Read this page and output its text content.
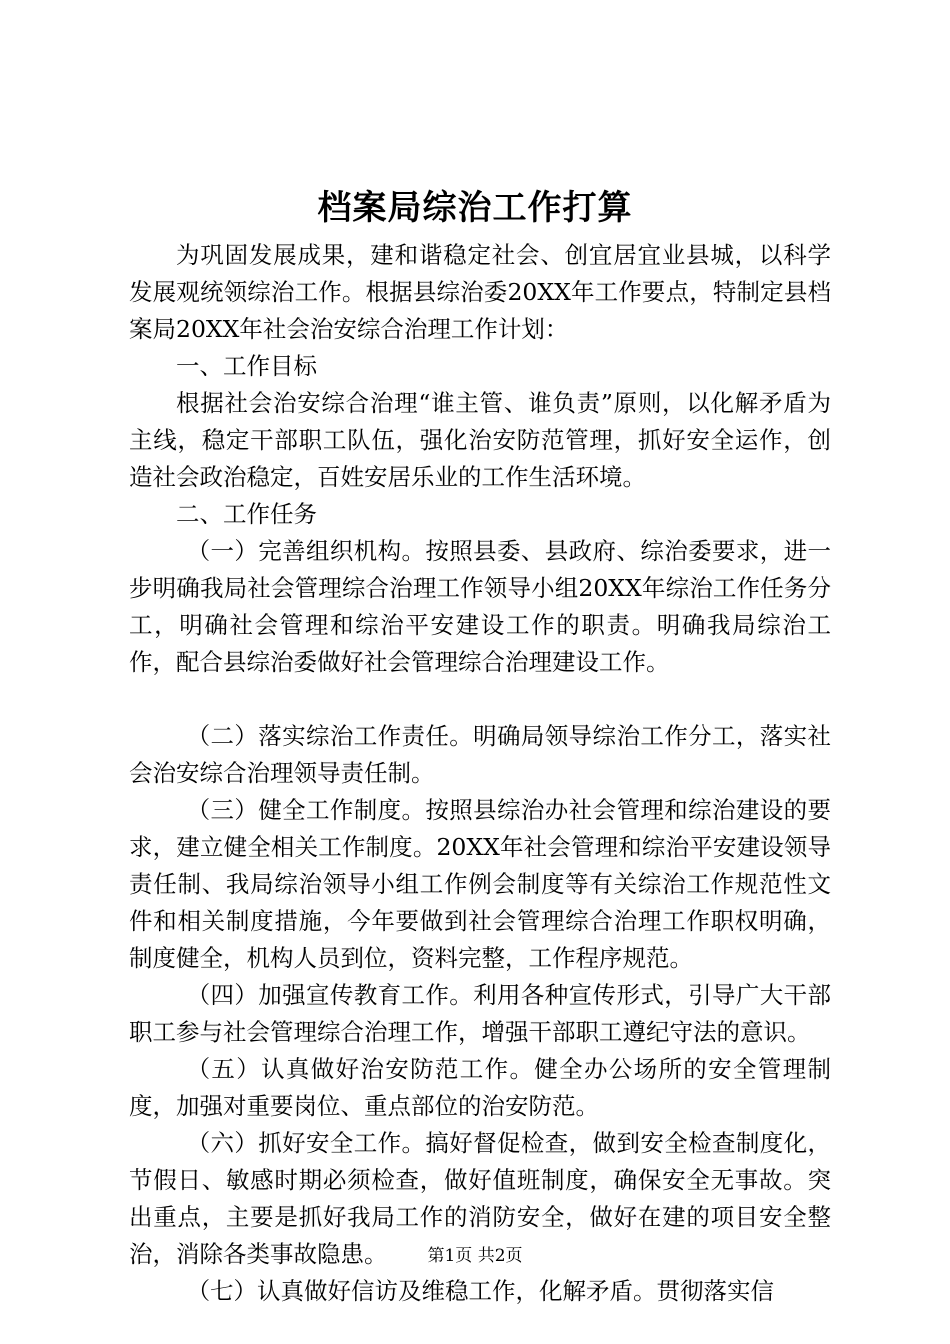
档案局综治工作打算

为巩固发展成果，建和谐稳定社会、创宜居宜业县城，以科学发展观统领综治工作。根据县综治委20XX年工作要点，特制定县档案局20XX年社会治安综合治理工作计划：

一、工作目标

根据社会治安综合治理“谁主管、谁负责”原则，以化解矛盾为主线，稳定干部职工队伍，强化治安防范管理，抓好安全运作，创造社会政治稳定，百姓安居乐业的工作生活环境。

二、工作任务

（一）完善组织机构。按照县委、县政府、综治委要求，进一步明确我局社会管理综合治理工作领导小组20XX年综治工作任务分工，明确社会管理和综治平安建设工作的职责。明确我局综治工作，配合县综治委做好社会管理综合治理建设工作。

（二）落实综治工作责任。明确局领导综治工作分工，落实社会治安综合治理领导责任制。

（三）健全工作制度。按照县综治办社会管理和综治建设的要求，建立健全相关工作制度。20XX年社会管理和综治平安建设领导责任制、我局综治领导小组工作例会制度等有关综治工作规范性文件和相关制度措施，今年要做到社会管理综合治理工作职权明确，制度健全，机构人员到位，资料完整，工作程序规范。

（四）加强宣传教育工作。利用各种宣传形式，引导广大干部职工参与社会管理综合治理工作，增强干部职工遵纪守法的意识。

（五）认真做好治安防范工作。健全办公场所的安全管理制度，加强对重要岗位、重点部位的治安防范。

（六）抓好安全工作。搞好督促检查，做到安全检查制度化，节假日、敏感时期必须检查，做好值班制度，确保安全无事故。突出重点，主要是抓好我局工作的消防安全，做好在建的项目安全整治，消除各类事故隐患。

（七）认真做好信访及维稳工作，化解矛盾。贯彻落实信

第1页 共2页
